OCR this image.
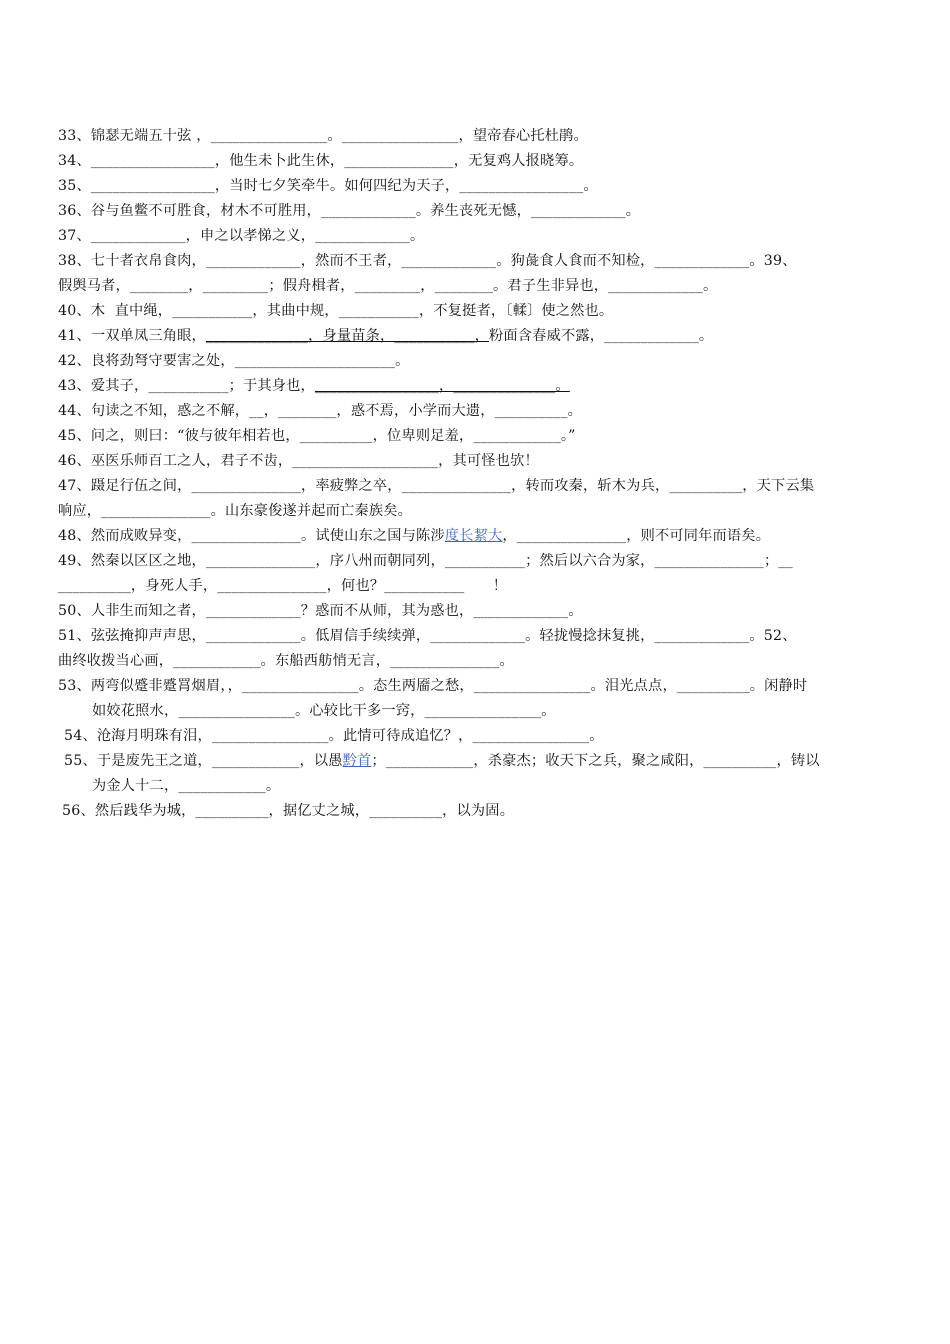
33、锦瑟无端五十弦 ，________________。________________，望帝春心托杜鹃。
34、_________________，他生未卜此生休，_______________，无复鸡人报晓筹。
35、_________________，当时七夕笑牵牛。如何四纪为天子，_________________。
36、谷与鱼鳖不可胜食，材木不可胜用，_____________。养生丧死无憾，_____________。
37、_____________，申之以孝悌之义，_____________。
38、七十者衣帛食肉，_____________，然而不王者，_____________。狗彘食人食而不知检，_____________。39、
假舆马者，________，_________；假舟楫者，_________，________。君子生非异也，_____________。
40、木  直中绳，___________，其曲中规，___________，不复挺者，〔輮〕使之然也。
41、一双单凤三角眼，______________，身量苗条，___________，粉面含春威不露，_____________。
42、良将劲弩守要害之处，______________________。
43、爱其子，___________；于其身也，_________________，______________。
44、句读之不知，惑之不解，__，________，惑不焉，小学而大遗，__________。
45、问之，则曰：“彼与彼年相若也，__________，位卑则足羞，____________。”
46、巫医乐师百工之人，君子不齿，____________________，其可怪也欤！
47、蹑足行伍之间，_______________，率疲弊之卒，_______________，转而攻秦，斩木为兵，__________，天下云集
响应，_______________。山东豪俊遂并起而亡秦族矣。
48、然而成败异变，_______________。试使山东之国与陈涉度长絜大，_______________，则不可同年而语矣。
49、然秦以区区之地，_______________，序八州而朝同列，___________；然后以六合为家，_______________；__
__________，身死人手，_______________，何也？___________      ！
50、人非生而知之者，_____________？惑而不从师，其为惑也，_____________。
51、弦弦掩抑声声思，_____________。低眉信手续续弹，_____________。轻拢慢捻抹复挑，_____________。52、
曲终收拨当心画，____________。东船西舫悄无言，_______________。
53、两弯似蹙非蹙罥烟眉，，________________。态生两靥之愁，________________。泪光点点，__________。闲静时
如姣花照水，________________。心较比干多一窍，________________。
54、沧海月明珠有泪，________________。此情可待成追忆？，________________。
55、于是废先王之道，____________，以愚黔首；____________，杀豪杰；收天下之兵，聚之咸阳，__________，铸以
为金人十二，____________。
56、然后践华为城，__________，据亿丈之城，__________，以为固。
